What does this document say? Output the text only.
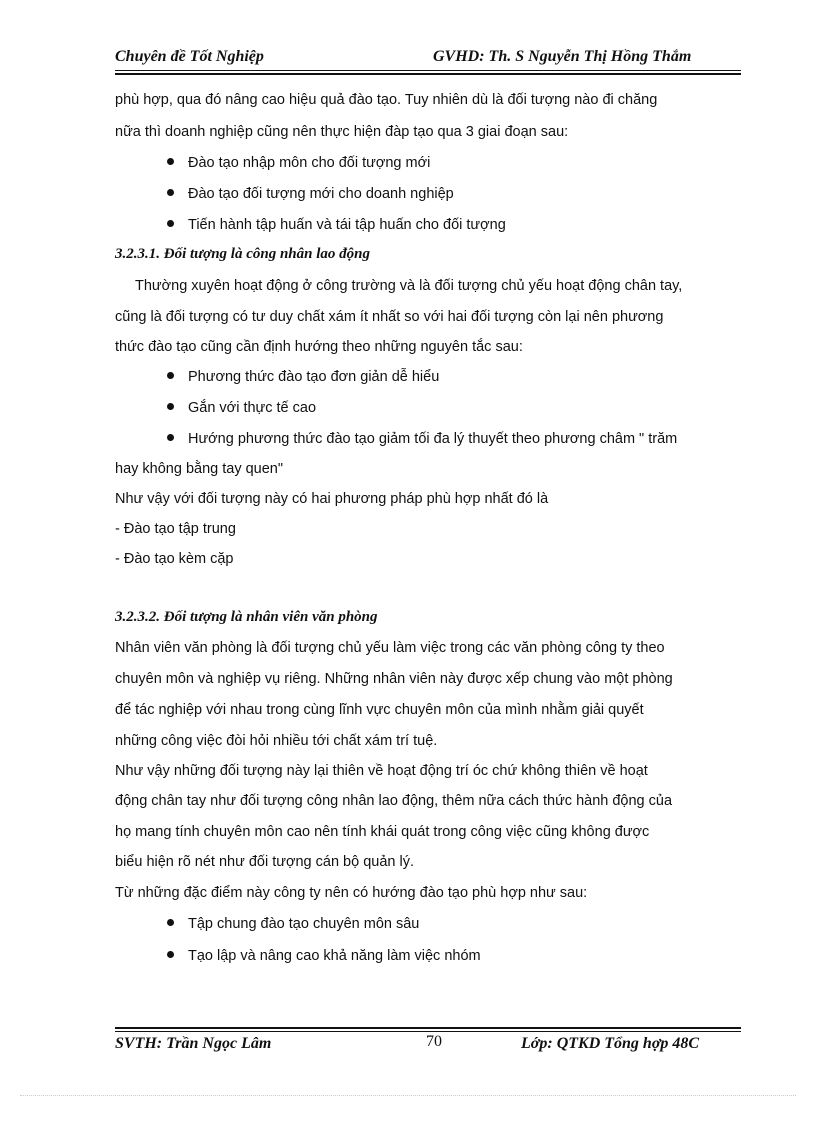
Chuyên đề Tốt Nghiệp	GVHD: Th. S Nguyễn Thị Hồng Thắm
phù hợp, qua đó nâng cao hiệu quả đào tạo. Tuy nhiên dù là đối tượng nào đi chăng
nữa thì doanh nghiệp cũng nên thực hiện đàp tạo qua 3 giai đoạn sau:
Đào tạo nhập môn cho đối tượng mới
Đào tạo đối tượng mới cho doanh nghiệp
Tiến hành tập huấn và tái tập huấn cho đối tượng
3.2.3.1. Đối tượng là công nhân lao động
Thường xuyên hoạt động ở công trường và là đối tượng chủ yếu hoạt động chân tay,
cũng là đối tượng có tư duy chất xám ít nhất so với hai đối tượng còn lại nên phương
thức đào tạo cũng cần định hướng theo những nguyên tắc sau:
Phương thức đào tạo đơn giản dễ hiểu
Gắn với thực tế cao
Hướng phương thức đào tạo giảm tối đa lý thuyết theo phương châm " trăm
hay không bằng tay quen"
Như vậy với đối tượng này có hai phương pháp phù hợp nhất đó là
- Đào tạo tập trung
- Đào tạo kèm cặp
3.2.3.2. Đối tượng là nhân viên văn phòng
Nhân viên văn phòng là đối tượng chủ yếu làm việc trong các văn phòng công ty theo
chuyên môn và nghiệp vụ riêng. Những nhân viên này được xếp chung vào một phòng
để tác nghiệp với nhau trong cùng lĩnh vực chuyên môn của mình nhằm giải quyết
những công việc đòi hỏi nhiều tới chất xám trí tuệ.
Như vậy những đối tượng này lại thiên về hoạt động trí óc chứ không thiên về hoạt
động chân tay như đối tượng công nhân lao động, thêm nữa cách thức hành động của
họ mang tính chuyên môn cao nên tính khái quát trong công việc cũng không được
biểu hiện rõ nét như đối tượng cán bộ quản lý.
Từ những đặc điểm này công ty nên có hướng đào tạo phù hợp như sau:
Tập chung đào tạo chuyên môn sâu
Tạo lập và nâng cao khả năng làm việc nhóm
SVTH: Trần Ngọc Lâm	70	Lớp: QTKD Tổng hợp 48C
